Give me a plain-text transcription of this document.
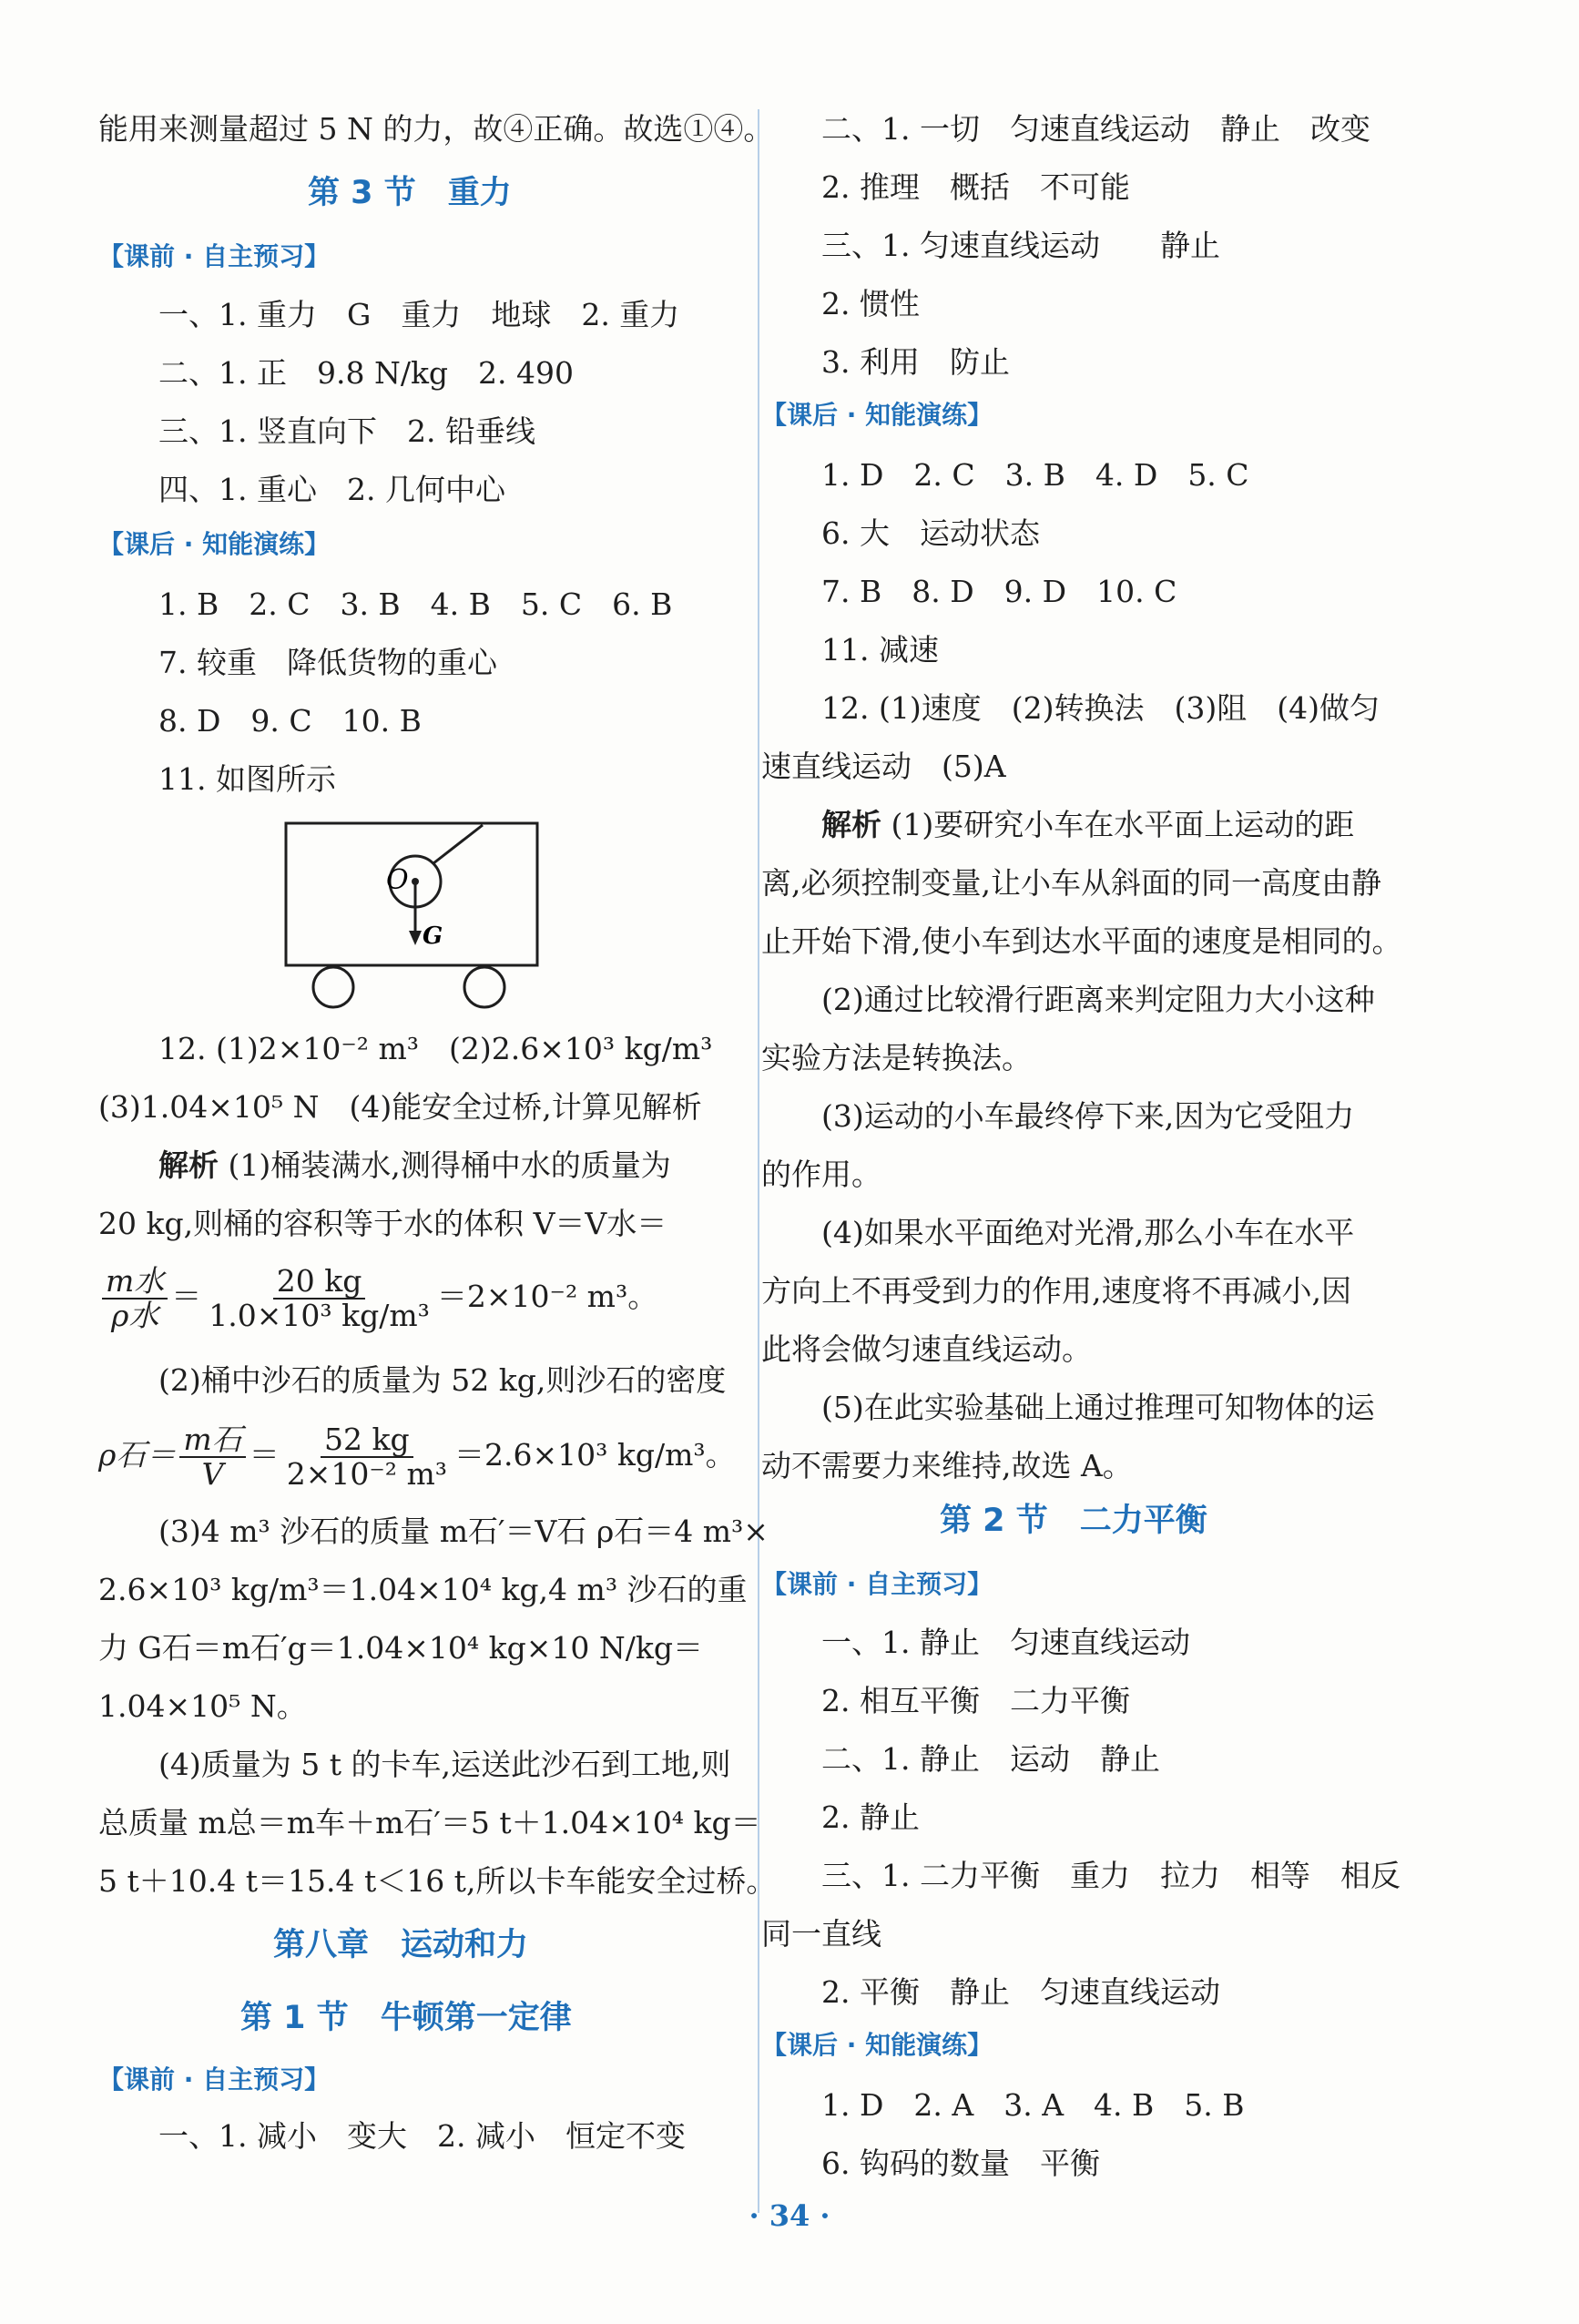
能用来测量超过 5 N 的力，故④正确。故选①④。
第 3 节　重力
【课前 · 自主预习】
一、1. 重力　G　重力　地球　2. 重力
二、1. 正　9.8 N/kg　2. 490
三、1. 竖直向下　2. 铅垂线
四、1. 重心　2. 几何中心
【课后 · 知能演练】
1. B　2. C　3. B　4. B　5. C　6. B
7. 较重　降低货物的重心
8. D　9. C　10. B
11. 如图所示
O
G
12. (1)2×10⁻² m³　(2)2.6×10³ kg/m³
(3)1.04×10⁵ N　(4)能安全过桥,计算见解析
解析 (1)桶装满水,测得桶中水的质量为
20 kg,则桶的容积等于水的体积 V＝V水＝
$\frac{\text{m水}}{\text{ρ水}} = \frac{20 kg}{\text{1.0×10³ kg/m³}} =2\times 10^{-2}$ m³。
(2)桶中沙石的质量为 52 kg,则沙石的密度
ρ石＝ $\frac{\text{m石}}{V} = \frac{52 kg}{\text{2×10⁻² m³}} =2.6\times 10^3$ kg/m³。
(3)4 m³ 沙石的质量 m石′＝V石 ρ石＝4 m³×
2.6×10³ kg/m³＝1.04×10⁴ kg,4 m³ 沙石的重
力 G石＝m石′g＝1.04×10⁴ kg×10 N/kg＝
1.04×10⁵ N。
(4)质量为 5 t 的卡车,运送此沙石到工地,则
总质量 m总＝m车＋m石′＝5 t＋1.04×10⁴ kg＝
5 t＋10.4 t＝15.4 t＜16 t,所以卡车能安全过桥。
第八章　运动和力
第 1 节　牛顿第一定律
【课前 · 自主预习】
一、1. 减小　变大　2. 减小　恒定不变
二、1. 一切　匀速直线运动　静止　改变
2. 推理　概括　不可能
三、1. 匀速直线运动　　静止
2. 惯性
3. 利用　防止
【课后 · 知能演练】
1. D　2. C　3. B　4. D　5. C
6. 大　运动状态
7. B　8. D　9. D　10. C
11. 减速
12. (1)速度　(2)转换法　(3)阻　(4)做匀
速直线运动　(5)A
解析 (1)要研究小车在水平面上运动的距
离,必须控制变量,让小车从斜面的同一高度由静
止开始下滑,使小车到达水平面的速度是相同的。
(2)通过比较滑行距离来判定阻力大小这种
实验方法是转换法。
(3)运动的小车最终停下来,因为它受阻力
的作用。
(4)如果水平面绝对光滑,那么小车在水平
方向上不再受到力的作用,速度将不再减小,因
此将会做匀速直线运动。
(5)在此实验基础上通过推理可知物体的运
动不需要力来维持,故选 A。
第 2 节　二力平衡
【课前 · 自主预习】
一、1. 静止　匀速直线运动
2. 相互平衡　二力平衡
二、1. 静止　运动　静止
2. 静止
三、1. 二力平衡　重力　拉力　相等　相反
同一直线
2. 平衡　静止　匀速直线运动
【课后 · 知能演练】
1. D　2. A　3. A　4. B　5. B
6. 钩码的数量　平衡
· 34 ·
